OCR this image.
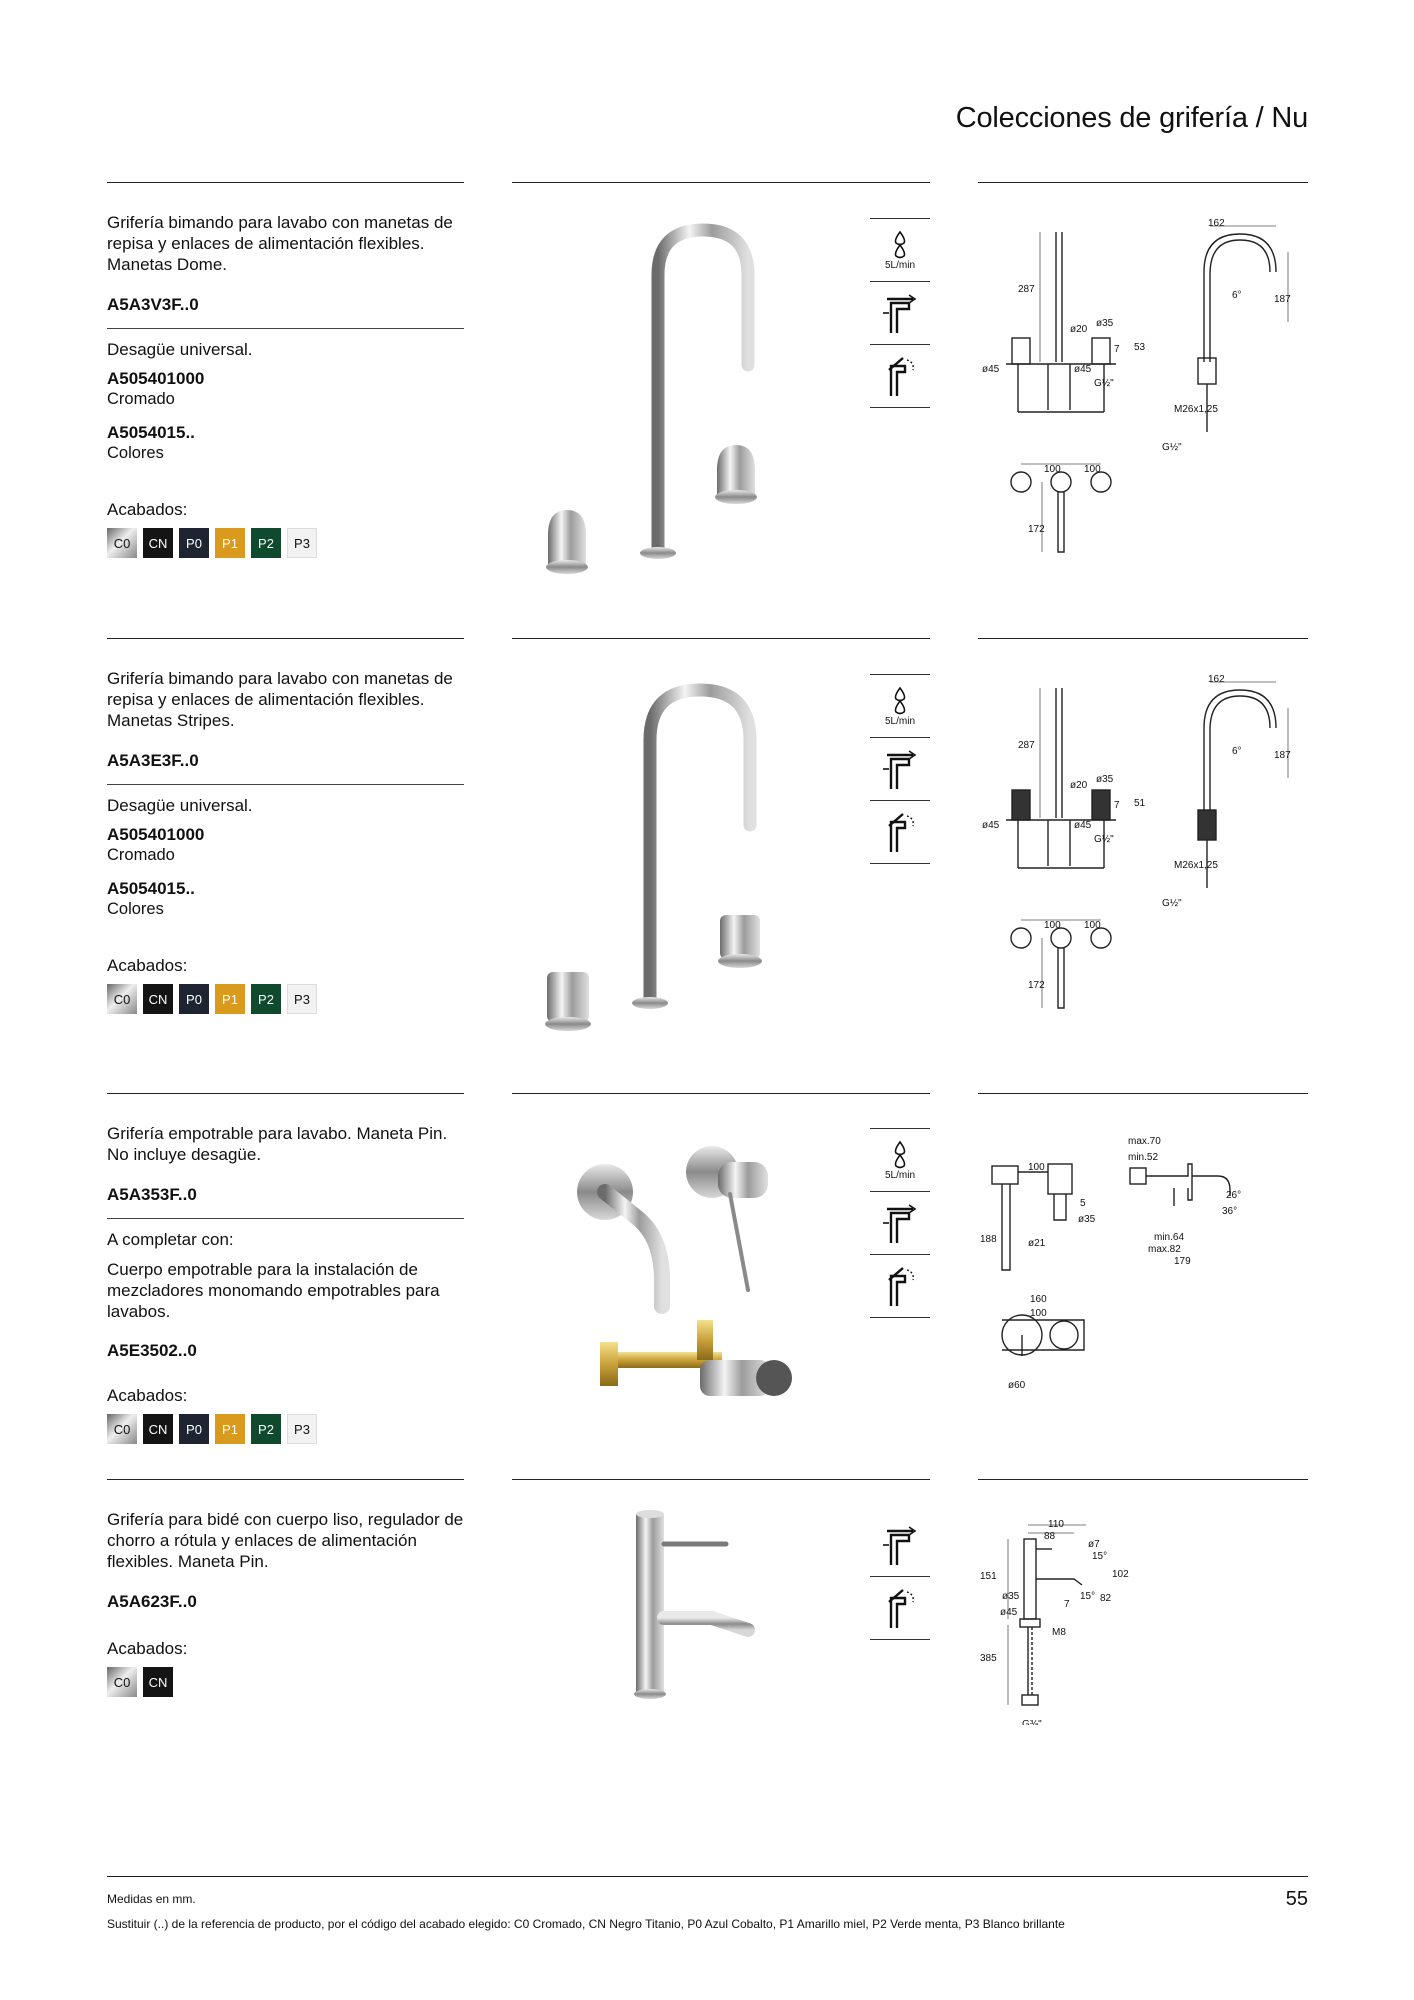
Colecciones de grifería / Nu

Grifería bimando para lavabo con manetas de repisa y enlaces de alimentación flexibles. Manetas Dome.

A5A3V3F..0

Desagüe universal.

A505401000

Cromado

A5054015..

Colores

Acabados:

C0	CN	P0	P1	P2	P3
5L/min
162
287
6°	187
ø20
ø35
7 53
ø45	ø45
G½"
M26x1,25
G½"
100 100
172

Grifería bimando para lavabo con manetas de repisa y enlaces de alimentación flexibles. Manetas Stripes.

A5A3E3F..0

Desagüe universal.

A505401000

Cromado

A5054015..

Colores

Acabados:

C0	CN	P0	P1	P2	P3
5L/min
162
287
6°	187
ø20
ø35
7 51
ø45	ø45
G½"
M26x1,25
G½"
100 100
172

Grifería empotrable para lavabo. Maneta Pin. No incluye desagüe.

A5A353F..0

A completar con:

Cuerpo empotrable para la instalación de mezcladores monomando empotrables para lavabos.

A5E3502..0

Acabados:

C0	CN	P0	P1	P2	P3
5L/min
100
5
ø35
188	ø21
max.70
min.52
26°
36°
min.64
max.82
179
160
100
ø60

Grifería para bidé con cuerpo liso, regulador de chorro a rótula y enlaces de alimentación flexibles. Maneta Pin.

A5A623F..0

Acabados:

C0	CN
110
88
ø7
15°
151	102
ø35	15° 82
7
ø45
M8
385
G⅜"
Medidas en mm.
Sustituir (..) de la referencia de producto, por el código del acabado elegido: C0 Cromado, CN Negro Titanio, P0 Azul Cobalto, P1 Amarillo miel, P2 Verde menta, P3 Blanco brillante
55
